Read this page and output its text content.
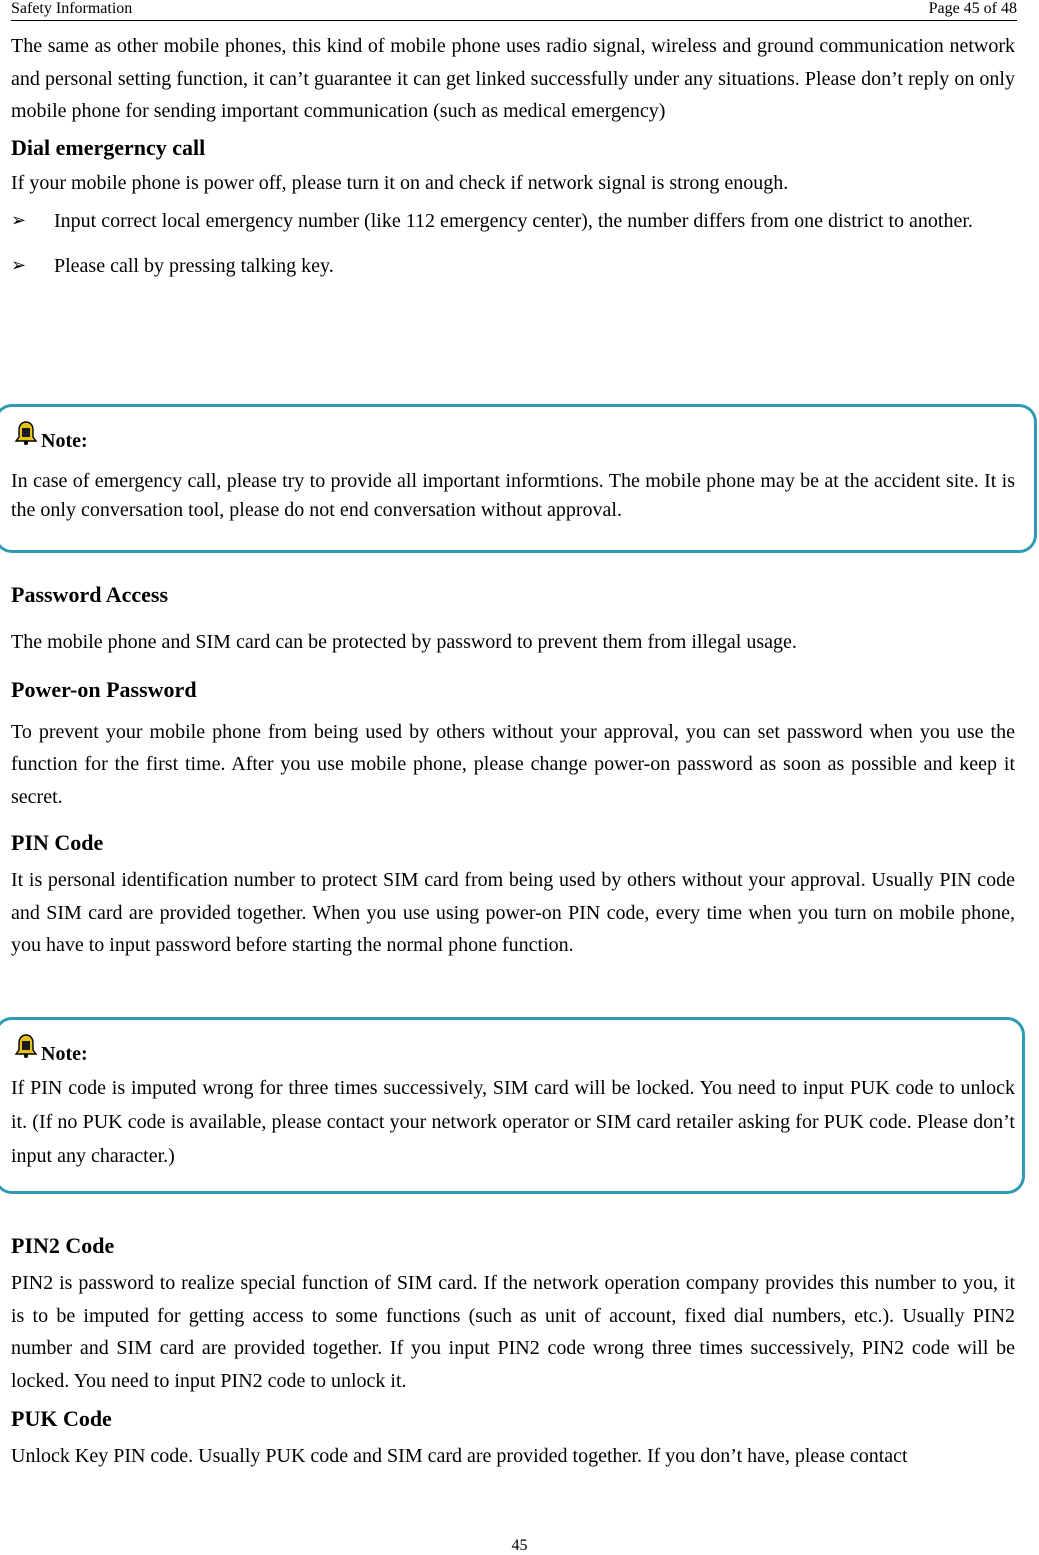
Safety Information	Page 45 of 48

The same as other mobile phones, this kind of mobile phone uses radio signal, wireless and ground communication network and personal setting function, it can’t guarantee it can get linked successfully under any situations. Please don’t reply on only mobile phone for sending important communication (such as medical emergency)

Dial emergerncy call

If your mobile phone is power off, please turn it on and check if network signal is strong enough.

➢ Input correct local emergency number (like 112 emergency center), the number differs from one district to another.
➢ Please call by pressing talking key.
Note:
In case of emergency call, please try to provide all important informtions. The mobile phone may be at the accident site. It is the only conversation tool, please do not end conversation without approval.
Password Access

The mobile phone and SIM card can be protected by password to prevent them from illegal usage.

Power-on Password

To prevent your mobile phone from being used by others without your approval, you can set password when you use the function for the first time. After you use mobile phone, please change power-on password as soon as possible and keep it secret.

PIN Code

It is personal identification number to protect SIM card from being used by others without your approval. Usually PIN code and SIM card are provided together. When you use using power-on PIN code, every time when you turn on mobile phone, you have to input password before starting the normal phone function.

Note:
If PIN code is imputed wrong for three times successively, SIM card will be locked. You need to input PUK code to unlock it. (If no PUK code is available, please contact your network operator or SIM card retailer asking for PUK code. Please don’t input any character.)
PIN2 Code

PIN2 is password to realize special function of SIM card. If the network operation company provides this number to you, it is to be imputed for getting access to some functions (such as unit of account, fixed dial numbers, etc.). Usually PIN2 number and SIM card are provided together. If you input PIN2 code wrong three times successively, PIN2 code will be locked. You need to input PIN2 code to unlock it.

PUK Code

Unlock Key PIN code. Usually PUK code and SIM card are provided together. If you don’t have, please contact

45
